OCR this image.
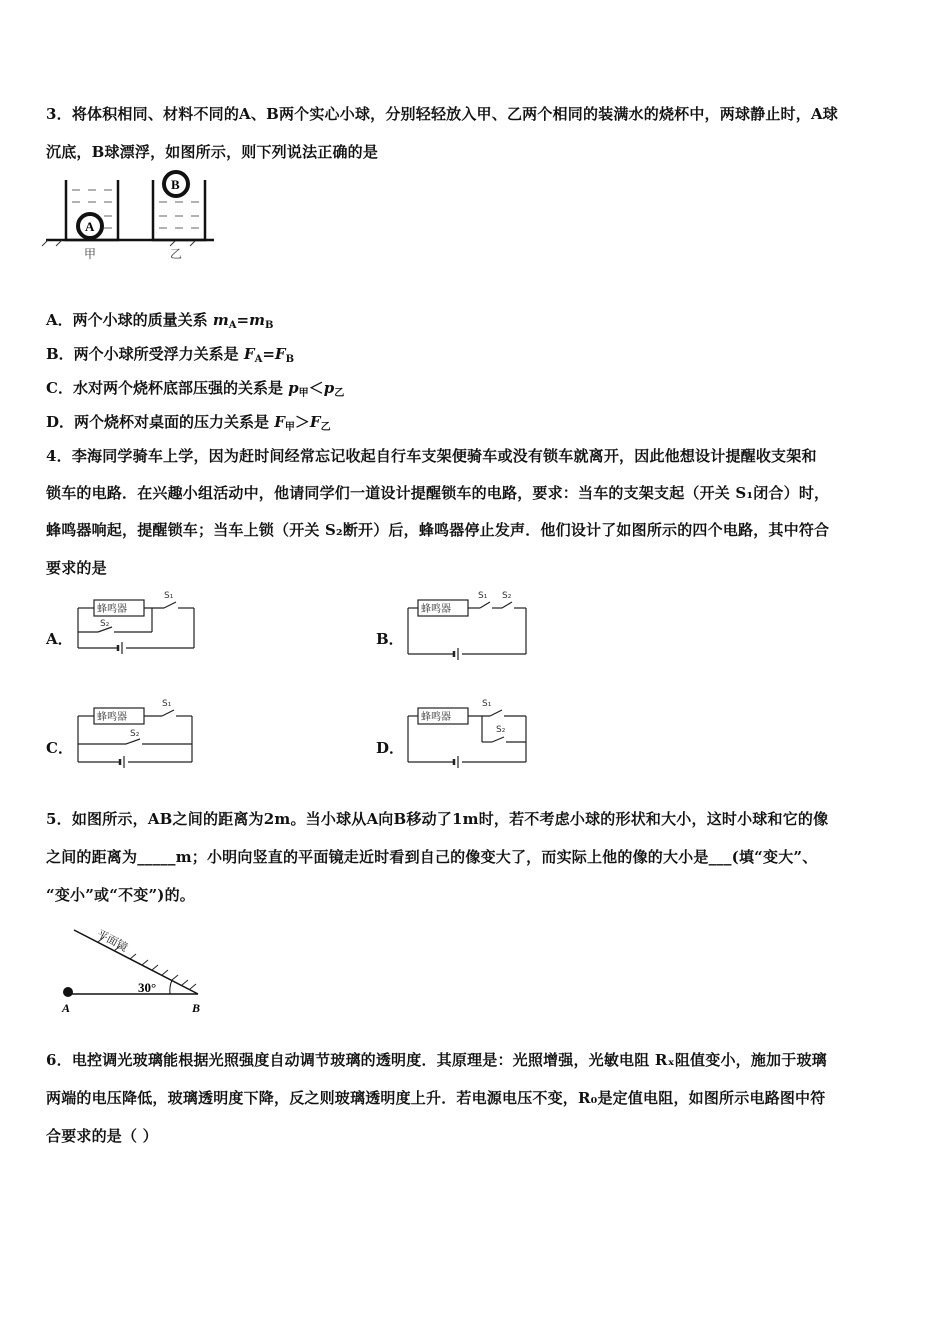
3．将体积相同、材料不同的A、B两个实心小球，分别轻轻放入甲、乙两个相同的装满水的烧杯中，两球静止时，A球
沉底，B球漂浮，如图所示，则下列说法正确的是
A
B
甲	乙
A．两个小球的质量关系 $m_A=m_B$
B．两个小球所受浮力关系是 $F_A=F_B$
C．水对两个烧杯底部压强的关系是 $p_甲<p_乙$
D．两个烧杯对桌面的压力关系是 $F_甲>F_乙$
4．李海同学骑车上学，因为赶时间经常忘记收起自行车支架便骑车或没有锁车就离开，因此他想设计提醒收支架和
锁车的电路．在兴趣小组活动中，他请同学们一道设计提醒锁车的电路，要求：当车的支架支起（开关 S₁闭合）时，
蜂鸣器响起，提醒锁车；当车上锁（开关 S₂断开）后，蜂鸣器停止发声．他们设计了如图所示的四个电路，其中符合
要求的是
A．
蜂鸣器
S₁
S₂
B．
蜂鸣器
S₁ S₂
C．
蜂鸣器
S₁
S₂
D．
蜂鸣器
S₁
S₂
5．如图所示，AB之间的距离为2m。当小球从A向B移动了1m时，若不考虑小球的形状和大小，这时小球和它的像
之间的距离为_____m；小明向竖直的平面镜走近时看到自己的像变大了，而实际上他的像的大小是___(填“变大”、
“变小”或“不变”)的。
平面镜
30°
A	B
6．电控调光玻璃能根据光照强度自动调节玻璃的透明度．其原理是：光照增强，光敏电阻 Rₓ阻值变小，施加于玻璃
两端的电压降低，玻璃透明度下降，反之则玻璃透明度上升．若电源电压不变，R₀是定值电阻，如图所示电路图中符
合要求的是（ ）
